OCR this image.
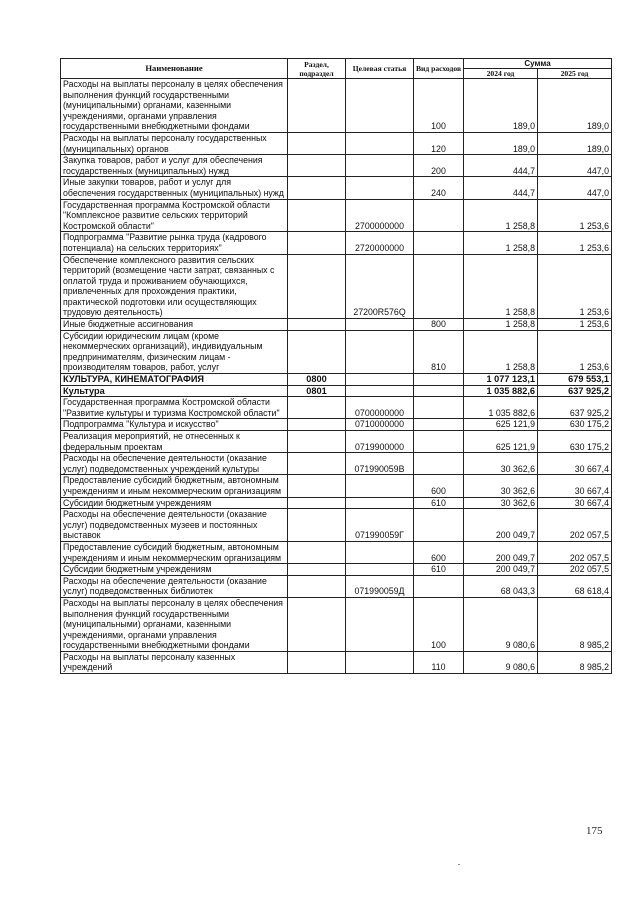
Наименование	Раздел, подраздел	Целевая статья	Вид расходов	Сумма	
				2024 год	2025 год
Расходы на выплаты персоналу в целях обеспечения выполнения функций государственными (муниципальными) органами, казенными учреждениями, органами управления государственными внебюджетными фондами			100	189,0	189,0
Расходы на выплаты персоналу государственных (муниципальных) органов			120	189,0	189,0
Закупка товаров, работ и услуг для обеспечения государственных (муниципальных) нужд			200	444,7	447,0
Иные закупки товаров, работ и услуг для обеспечения государственных (муниципальных) нужд			240	444,7	447,0
Государственная программа Костромской области "Комплексное развитие сельских территорий Костромской области"		2700000000		1 258,8	1 253,6
Подпрограмма "Развитие рынка труда (кадрового потенциала) на сельских территориях"		2720000000		1 258,8	1 253,6
Обеспечение комплексного развития сельских территорий (возмещение части затрат, связанных с оплатой труда и проживанием обучающихся, привлеченных для прохождения практики, практической подготовки или осуществляющих трудовую деятельность)		27200R576Q		1 258,8	1 253,6
Иные бюджетные ассигнования			800	1 258,8	1 253,6
Субсидии юридическим лицам (кроме некоммерческих организаций), индивидуальным предпринимателям, физическим лицам - производителям товаров, работ, услуг			810	1 258,8	1 253,6
КУЛЬТУРА, КИНЕМАТОГРАФИЯ	0800			1 077 123,1	679 553,1
Культура	0801			1 035 882,6	637 925,2
Государственная программа Костромской области "Развитие культуры и туризма Костромской области"		0700000000		1 035 882,6	637 925,2
Подпрограмма "Культура и искусство"		0710000000		625 121,9	630 175,2
Реализация мероприятий, не отнесенных к федеральным проектам		0719900000		625 121,9	630 175,2
Расходы на обеспечение деятельности (оказание услуг) подведомственных учреждений культуры		071990059В		30 362,6	30 667,4
Предоставление субсидий бюджетным, автономным учреждениям и иным некоммерческим организациям			600	30 362,6	30 667,4
Субсидии бюджетным учреждениям			610	30 362,6	30 667,4
Расходы на обеспечение деятельности (оказание услуг) подведомственных музеев и постоянных выставок		071990059Г		200 049,7	202 057,5
Предоставление субсидий бюджетным, автономным учреждениям и иным некоммерческим организациям			600	200 049,7	202 057,5
Субсидии бюджетным учреждениям			610	200 049,7	202 057,5
Расходы на обеспечение деятельности (оказание услуг) подведомственных библиотек		071990059Д		68 043,3	68 618,4
Расходы на выплаты персоналу в целях обеспечения выполнения функций государственными (муниципальными) органами, казенными учреждениями, органами управления государственными внебюджетными фондами			100	9 080,6	8 985,2
Расходы на выплаты персоналу казенных учреждений			110	9 080,6	8 985,2
175
